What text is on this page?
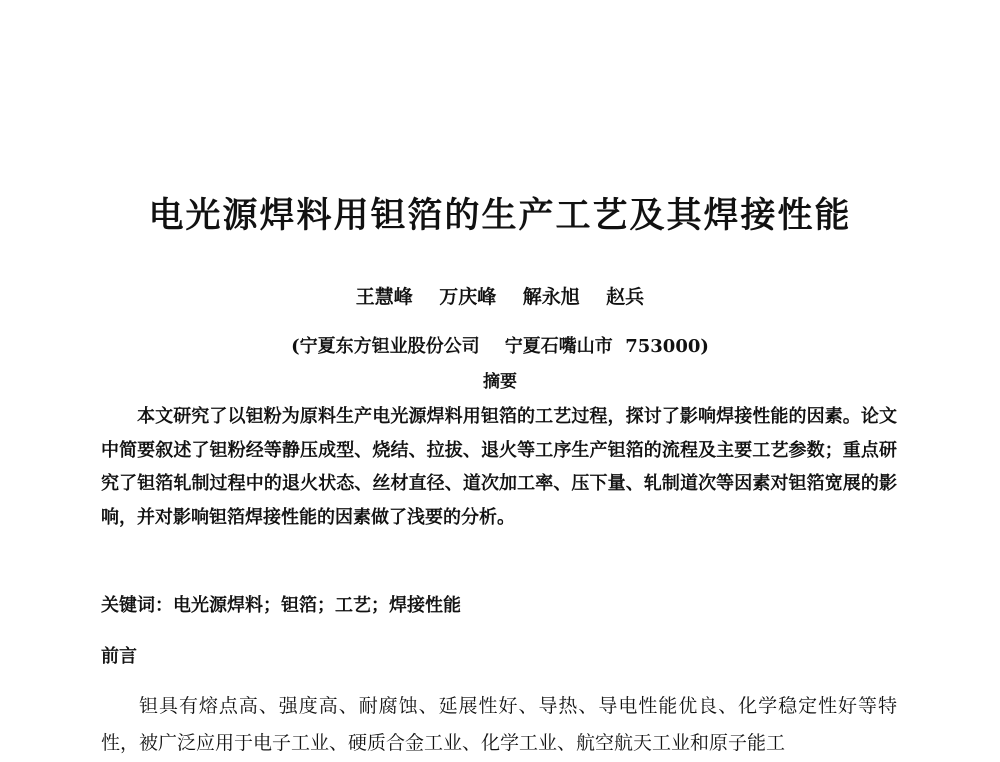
电光源焊料用钽箔的生产工艺及其焊接性能
王慧峰    万庆峰    解永旭    赵兵
(宁夏东方钽业股份公司    宁夏石嘴山市  753000)
摘要
本文研究了以钽粉为原料生产电光源焊料用钽箔的工艺过程，探讨了影响焊接性能的因素。论文中简要叙述了钽粉经等静压成型、烧结、拉拔、退火等工序生产钽箔的流程及主要工艺参数；重点研究了钽箔轧制过程中的退火状态、丝材直径、道次加工率、压下量、轧制道次等因素对钽箔宽展的影响，并对影响钽箔焊接性能的因素做了浅要的分析。
关键词：电光源焊料；钽箔；工艺；焊接性能
前言
钽具有熔点高、强度高、耐腐蚀、延展性好、导热、导电性能优良、化学稳定性好等特性，被广泛应用于电子工业、硬质合金工业、化学工业、航空航天工业和原子能工
